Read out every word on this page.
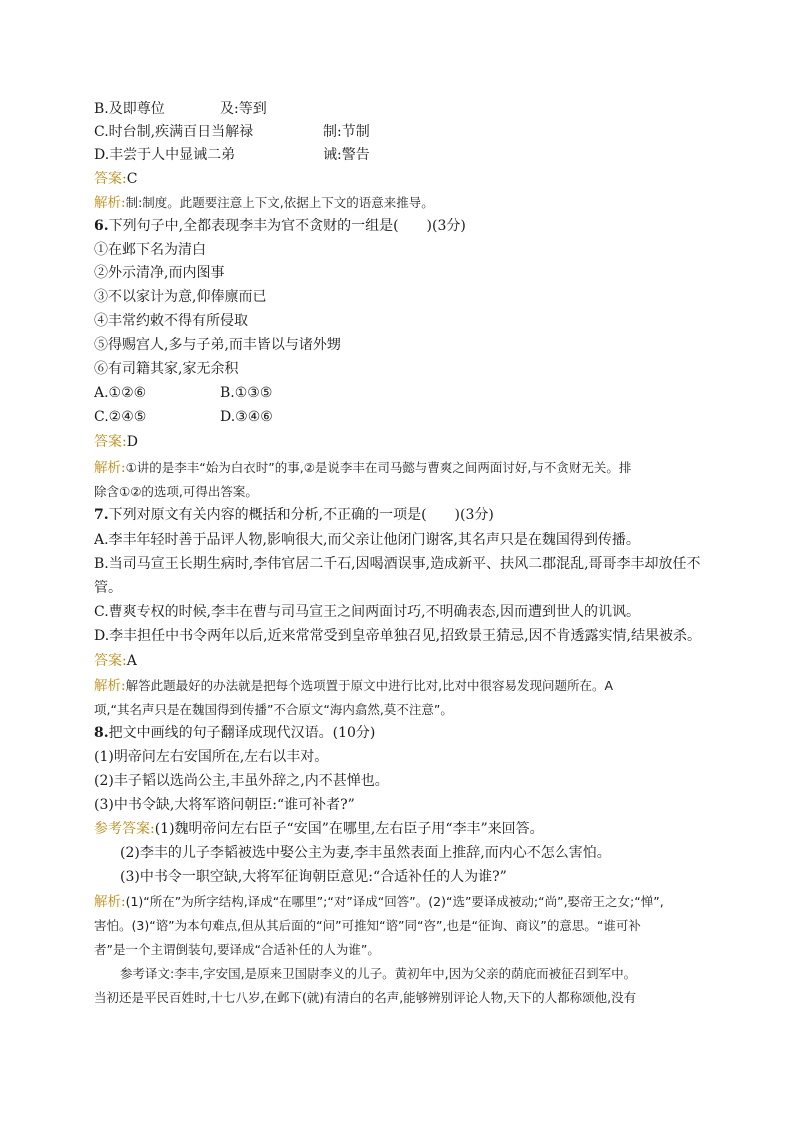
B.及即尊位	及:等到
C.时台制,疾满百日当解禄	制:节制
D.丰尝于人中显诫二弟	诫:警告
答案:C
解析:制:制度。此题要注意上下文,依据上下文的语意来推导。
6.下列句子中,全都表现李丰为官不贪财的一组是(　　)(3分)
①在邺下名为清白
②外示清净,而内图事
③不以家计为意,仰俸廪而已
④丰常约敕不得有所侵取
⑤得赐宫人,多与子弟,而丰皆以与诸外甥
⑥有司籍其家,家无余积
A.①②⑥	B.①③⑤
C.②④⑤	D.③④⑥
答案:D
解析:①讲的是李丰“始为白衣时”的事,②是说李丰在司马懿与曹爽之间两面讨好,与不贪财无关。排
除含①②的选项,可得出答案。
7.下列对原文有关内容的概括和分析,不正确的一项是(　　)(3分)
A.李丰年轻时善于品评人物,影响很大,而父亲让他闭门谢客,其名声只是在魏国得到传播。
B.当司马宣王长期生病时,李伟官居二千石,因喝酒误事,造成新平、扶风二郡混乱,哥哥李丰却放任不
管。
C.曹爽专权的时候,李丰在曹与司马宣王之间两面讨巧,不明确表态,因而遭到世人的讥讽。
D.李丰担任中书令两年以后,近来常常受到皇帝单独召见,招致景王猜忌,因不肯透露实情,结果被杀。
答案:A
解析:解答此题最好的办法就是把每个选项置于原文中进行比对,比对中很容易发现问题所在。A
项,“其名声只是在魏国得到传播”不合原文“海内翕然,莫不注意”。
8.把文中画线的句子翻译成现代汉语。(10分)
(1)明帝问左右安国所在,左右以丰对。
(2)丰子韬以选尚公主,丰虽外辞之,内不甚惮也。
(3)中书令缺,大将军谘问朝臣:“谁可补者?”
参考答案:(1)魏明帝问左右臣子“安国”在哪里,左右臣子用“李丰”来回答。
(2)李丰的儿子李韬被选中娶公主为妻,李丰虽然表面上推辞,而内心不怎么害怕。
(3)中书令一职空缺,大将军征询朝臣意见:“合适补任的人为谁?”
解析:(1)“所在”为所字结构,译成“在哪里”;“对”译成“回答”。(2)“选”要译成被动;“尚”,娶帝王之女;“惮”,
害怕。(3)“谘”为本句难点,但从其后面的“问”可推知“谘”同“咨”,也是“征询、商议”的意思。“谁可补
者”是一个主谓倒装句,要译成“合适补任的人为谁”。
参考译文:李丰,字安国,是原来卫国尉李义的儿子。黄初年中,因为父亲的荫庇而被征召到军中。
当初还是平民百姓时,十七八岁,在邺下(就)有清白的名声,能够辨别评论人物,天下的人都称颂他,没有
